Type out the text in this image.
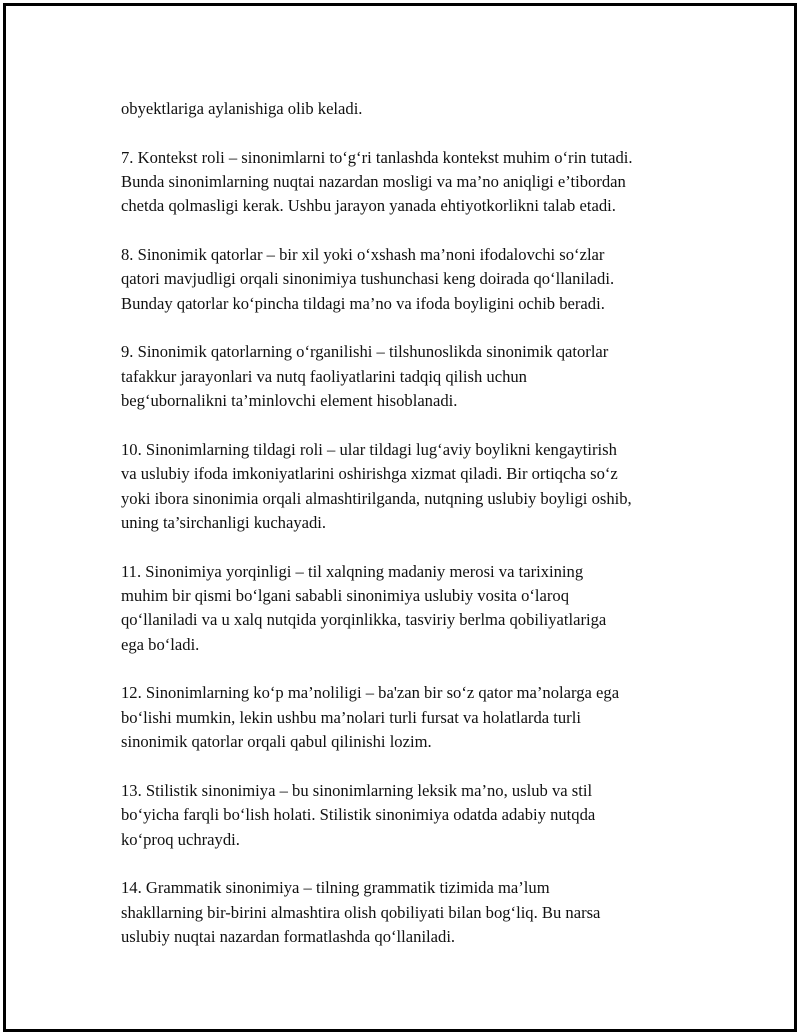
obyektlariga aylanishiga olib keladi.

7. Kontekst roli – sinonimlarni to‘g‘ri tanlashda kontekst muhim o‘rin tutadi.
Bunda sinonimlarning nuqtai nazardan mosligi va ma’no aniqligi e’tibordan
chetda qolmasligi kerak. Ushbu jarayon yanada ehtiyotkorlikni talab etadi.

8. Sinonimik qatorlar – bir xil yoki o‘xshash ma’noni ifodalovchi so‘zlar
qatori mavjudligi orqali sinonimiya tushunchasi keng doirada qo‘llaniladi.
Bunday qatorlar ko‘pincha tildagi ma’no va ifoda boyligini ochib beradi.

9. Sinonimik qatorlarning o‘rganilishi – tilshunoslikda sinonimik qatorlar
tafakkur jarayonlari va nutq faoliyatlarini tadqiq qilish uchun
beg‘ubornalikni ta’minlovchi element hisoblanadi.

10. Sinonimlarning tildagi roli – ular tildagi lug‘aviy boylikni kengaytirish
va uslubiy ifoda imkoniyatlarini oshirishga xizmat qiladi. Bir ortiqcha so‘z
yoki ibora sinonimia orqali almashtirilganda, nutqning uslubiy boyligi oshib,
uning ta’sirchanligi kuchayadi.

11. Sinonimiya yorqinligi – til xalqning madaniy merosi va tarixining
muhim bir qismi bo‘lgani sababli sinonimiya uslubiy vosita o‘laroq
qo‘llaniladi va u xalq nutqida yorqinlikka, tasviriy berlma qobiliyatlariga
ega bo‘ladi.

12. Sinonimlarning ko‘p ma’noliligi – ba'zan bir so‘z qator ma’nolarga ega
bo‘lishi mumkin, lekin ushbu ma’nolari turli fursat va holatlarda turli
sinonimik qatorlar orqali qabul qilinishi lozim.

13. Stilistik sinonimiya – bu sinonimlarning leksik ma’no, uslub va stil
bo‘yicha farqli bo‘lish holati. Stilistik sinonimiya odatda adabiy nutqda
ko‘proq uchraydi.

14. Grammatik sinonimiya – tilning grammatik tizimida ma’lum
shakllarning bir-birini almashtira olish qobiliyati bilan bog‘liq. Bu narsa
uslubiy nuqtai nazardan formatlashda qo‘llaniladi.
